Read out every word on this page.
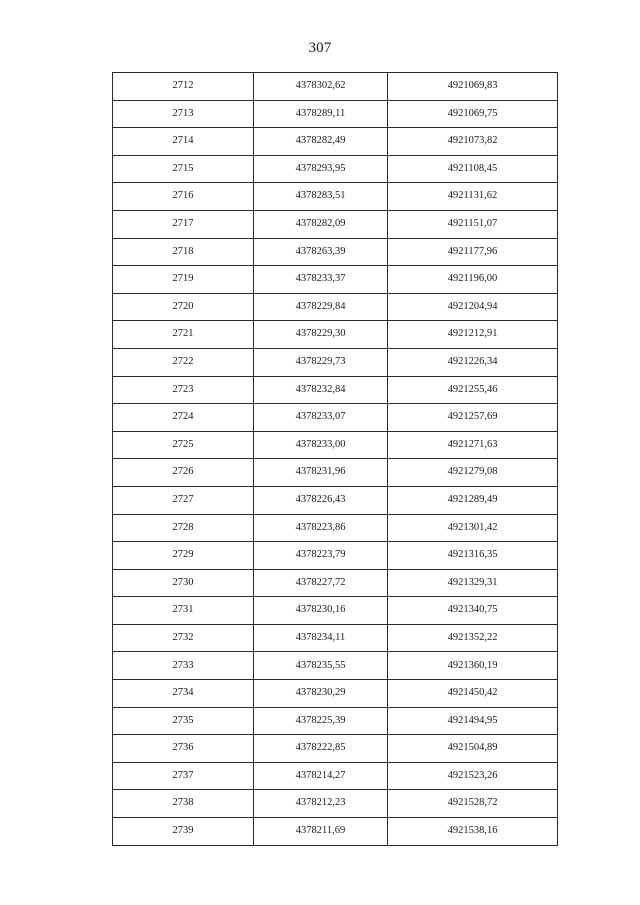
307
2712	4378302,62	4921069,83
2713	4378289,11	4921069,75
2714	4378282,49	4921073,82
2715	4378293,95	4921108,45
2716	4378283,51	4921131,62
2717	4378282,09	4921151,07
2718	4378263,39	4921177,96
2719	4378233,37	4921196,00
2720	4378229,84	4921204,94
2721	4378229,30	4921212,91
2722	4378229,73	4921226,34
2723	4378232,84	4921255,46
2724	4378233,07	4921257,69
2725	4378233,00	4921271,63
2726	4378231,96	4921279,08
2727	4378226,43	4921289,49
2728	4378223,86	4921301,42
2729	4378223,79	4921316,35
2730	4378227,72	4921329,31
2731	4378230,16	4921340,75
2732	4378234,11	4921352,22
2733	4378235,55	4921360,19
2734	4378230,29	4921450,42
2735	4378225,39	4921494,95
2736	4378222,85	4921504,89
2737	4378214,27	4921523,26
2738	4378212,23	4921528,72
2739	4378211,69	4921538,16
